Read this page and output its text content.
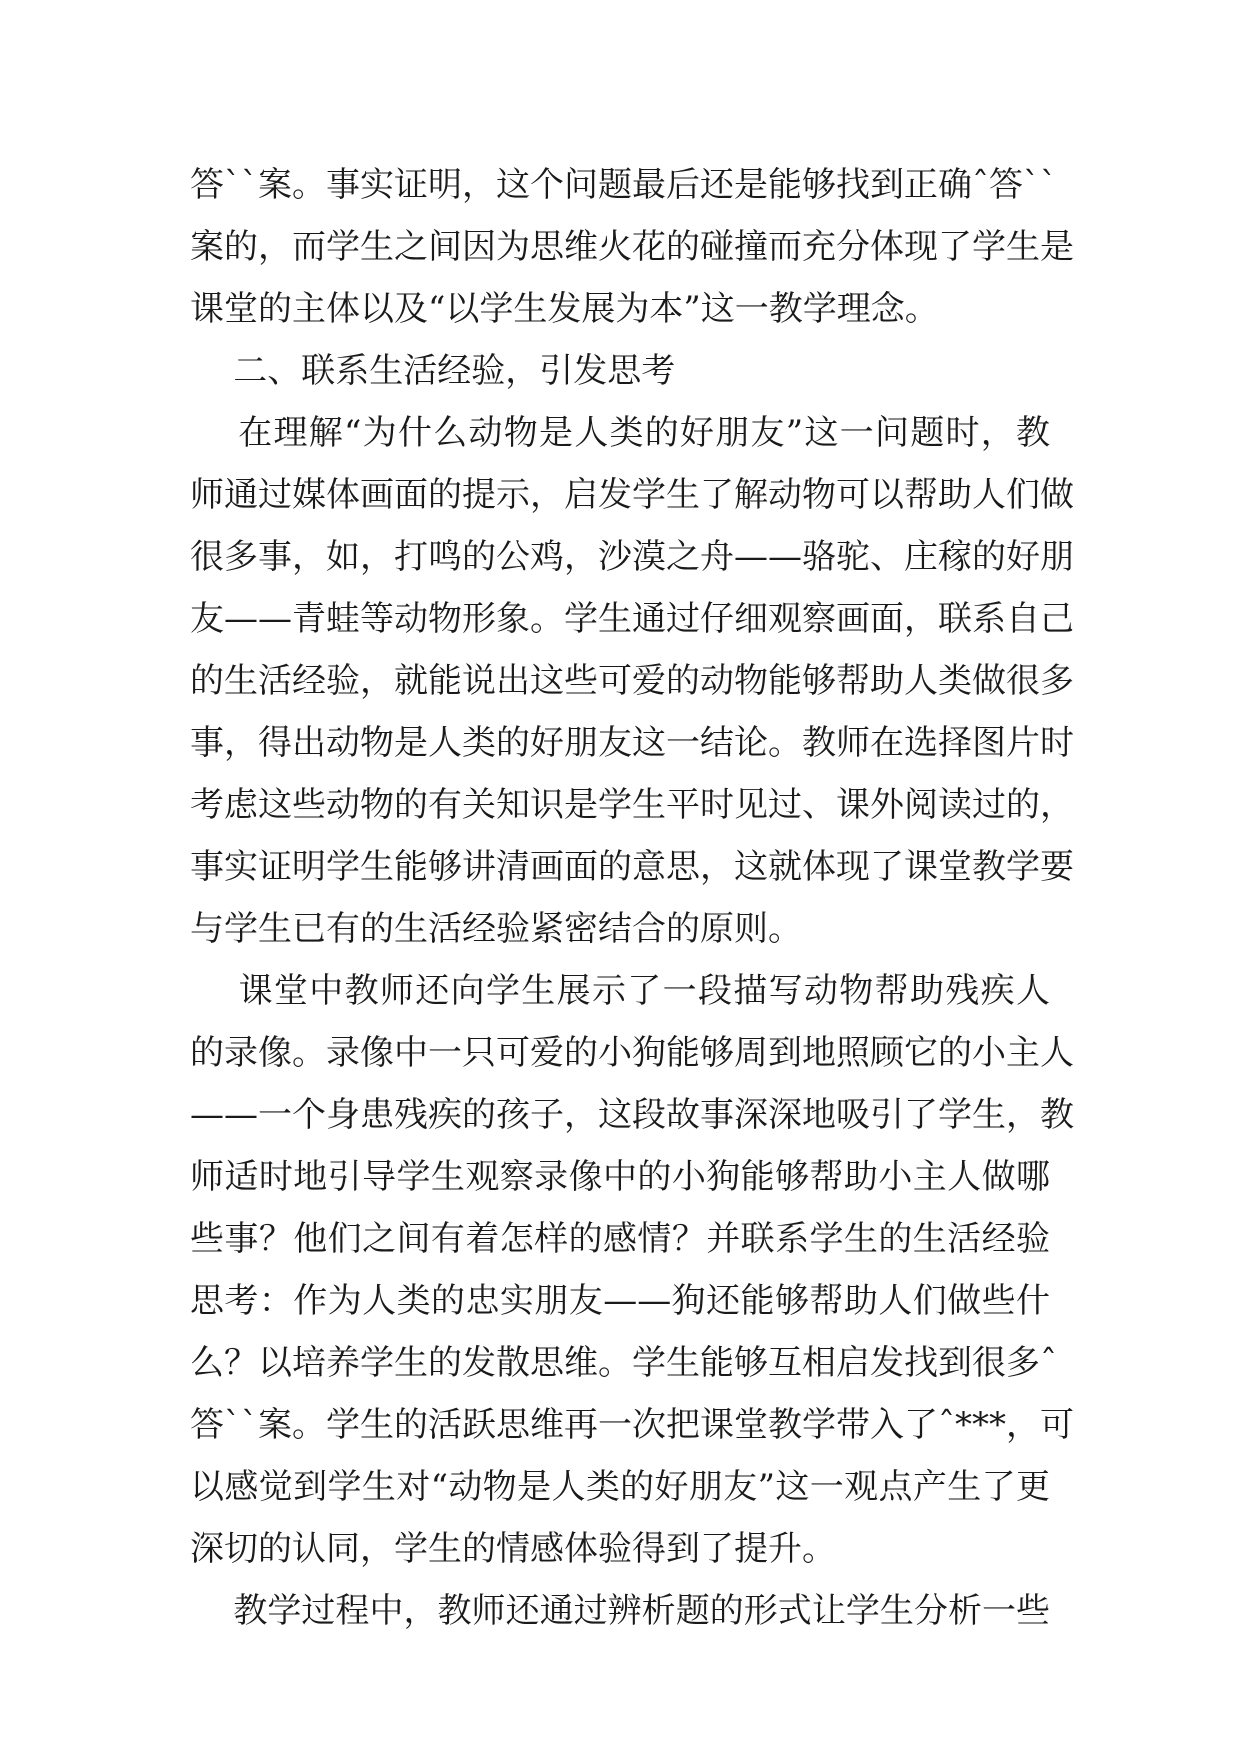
答``案。事实证明，这个问题最后还是能够找到正确ˆ答``
案的，而学生之间因为思维火花的碰撞而充分体现了学生是
课堂的主体以及“以学生发展为本”这一教学理念。
二、联系生活经验，引发思考
在理解“为什么动物是人类的好朋友”这一问题时，教
师通过媒体画面的提示，启发学生了解动物可以帮助人们做
很多事，如，打鸣的公鸡，沙漠之舟——骆驼、庄稼的好朋
友——青蛙等动物形象。学生通过仔细观察画面，联系自己
的生活经验，就能说出这些可爱的动物能够帮助人类做很多
事，得出动物是人类的好朋友这一结论。教师在选择图片时
考虑这些动物的有关知识是学生平时见过、课外阅读过的，
事实证明学生能够讲清画面的意思，这就体现了课堂教学要
与学生已有的生活经验紧密结合的原则。
课堂中教师还向学生展示了一段描写动物帮助残疾人
的录像。录像中一只可爱的小狗能够周到地照顾它的小主人
——一个身患残疾的孩子，这段故事深深地吸引了学生，教
师适时地引导学生观察录像中的小狗能够帮助小主人做哪
些事？他们之间有着怎样的感情？并联系学生的生活经验
思考：作为人类的忠实朋友——狗还能够帮助人们做些什
么？以培养学生的发散思维。学生能够互相启发找到很多ˆ
答``案。学生的活跃思维再一次把课堂教学带入了ˆ***，可
以感觉到学生对“动物是人类的好朋友”这一观点产生了更
深切的认同，学生的情感体验得到了提升。
教学过程中，教师还通过辨析题的形式让学生分析一些
